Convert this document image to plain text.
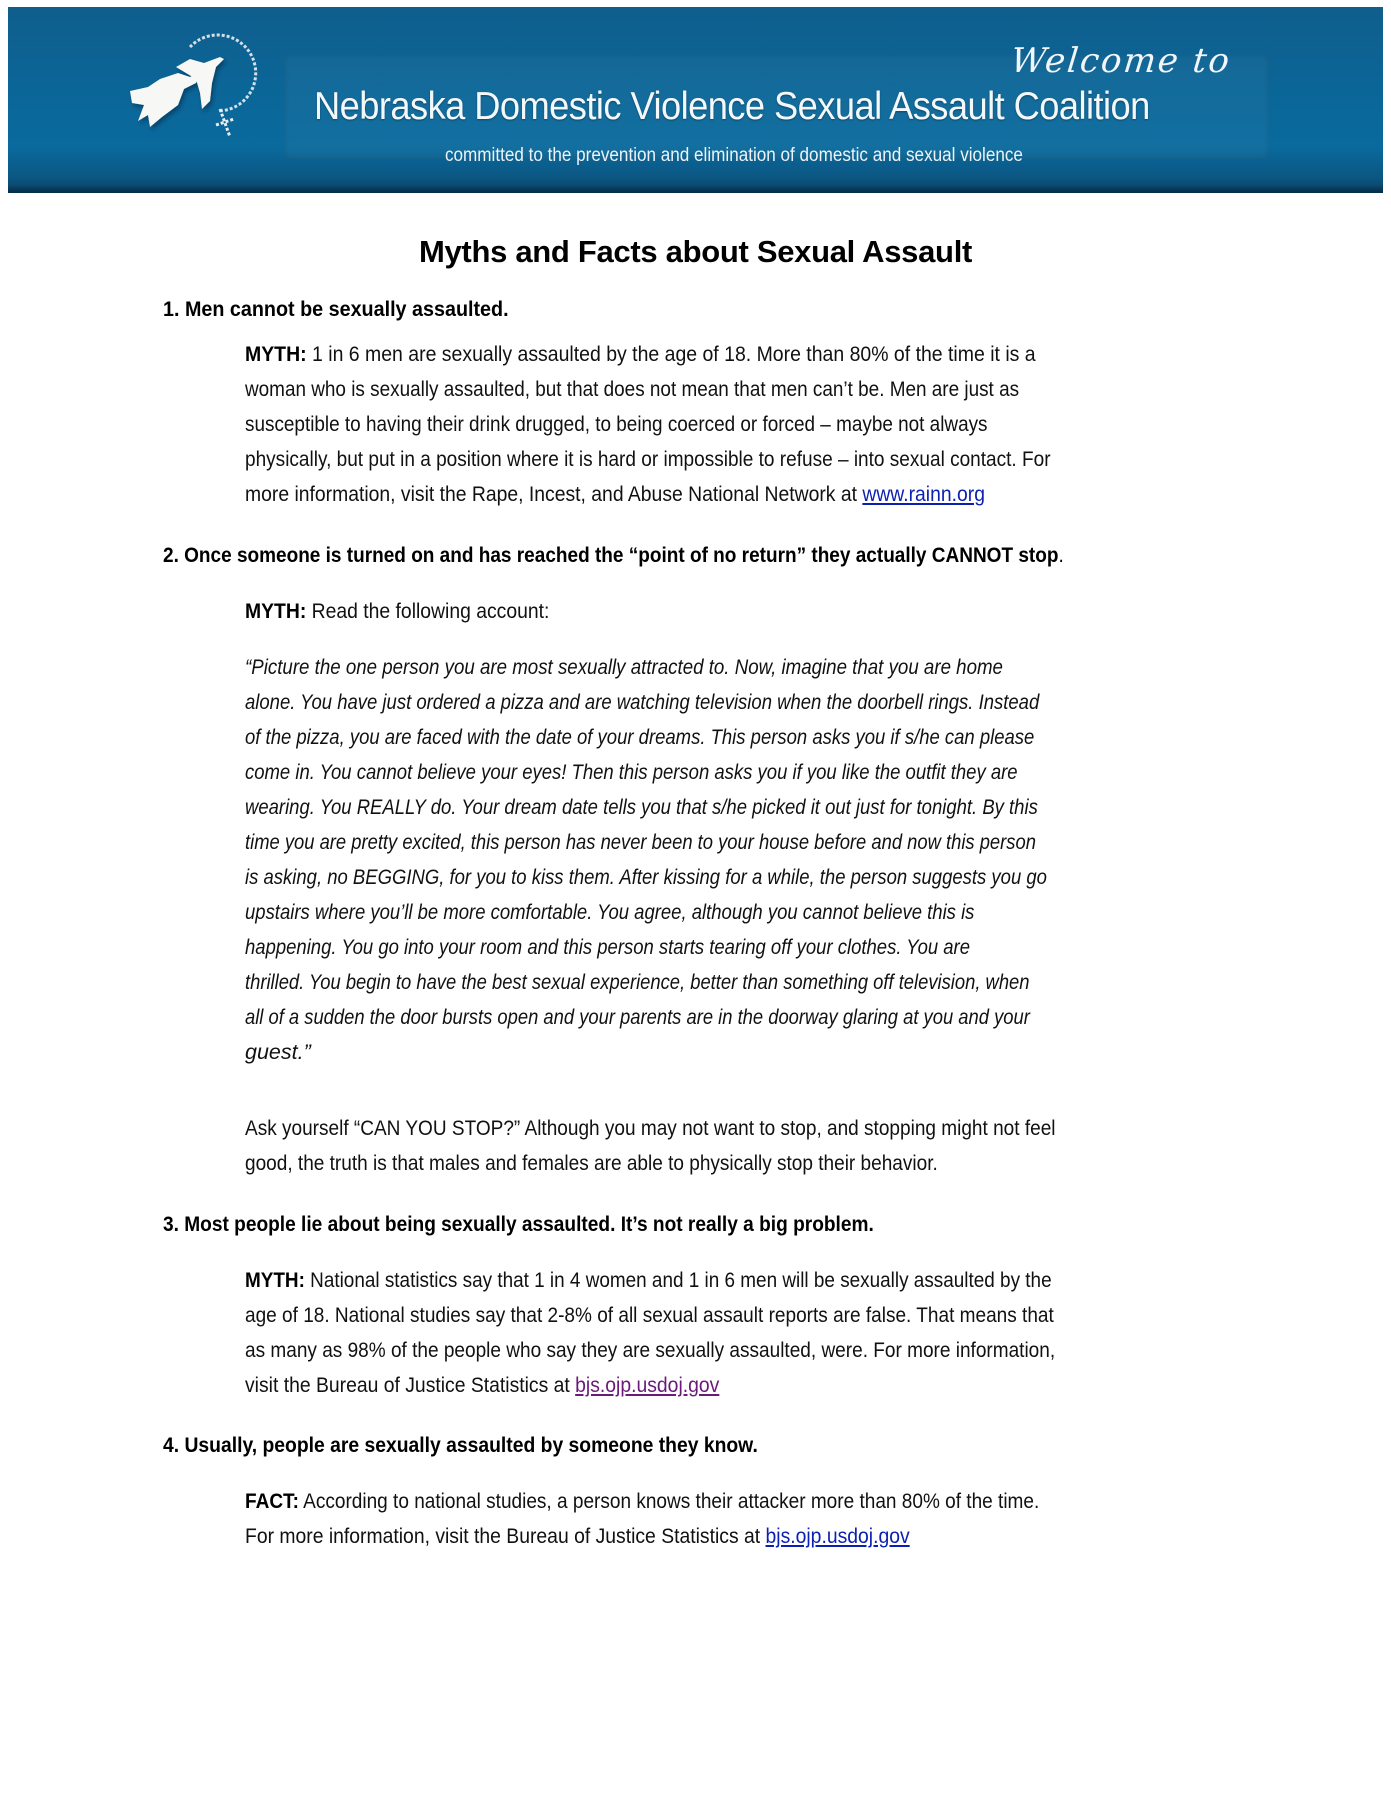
Welcome to
Nebraska Domestic Violence Sexual Assault Coalition
committed to the prevention and elimination of domestic and sexual violence
Myths and Facts about Sexual Assault
1. Men cannot be sexually assaulted.
MYTH: 1 in 6 men are sexually assaulted by the age of 18. More than 80% of the time it is a
woman who is sexually assaulted, but that does not mean that men can’t be. Men are just as
susceptible to having their drink drugged, to being coerced or forced – maybe not always
physically, but put in a position where it is hard or impossible to refuse – into sexual contact. For
more information, visit the Rape, Incest, and Abuse National Network at www.rainn.org
2. Once someone is turned on and has reached the “point of no return” they actually CANNOT stop.
MYTH: Read the following account:
“Picture the one person you are most sexually attracted to. Now, imagine that you are home
alone. You have just ordered a pizza and are watching television when the doorbell rings. Instead
of the pizza, you are faced with the date of your dreams. This person asks you if s/he can please
come in. You cannot believe your eyes! Then this person asks you if you like the outfit they are
wearing. You REALLY do. Your dream date tells you that s/he picked it out just for tonight. By this
time you are pretty excited, this person has never been to your house before and now this person
is asking, no BEGGING, for you to kiss them. After kissing for a while, the person suggests you go
upstairs where you’ll be more comfortable. You agree, although you cannot believe this is
happening. You go into your room and this person starts tearing off your clothes. You are
thrilled. You begin to have the best sexual experience, better than something off television, when
all of a sudden the door bursts open and your parents are in the doorway glaring at you and your
guest.”
Ask yourself “CAN YOU STOP?” Although you may not want to stop, and stopping might not feel
good, the truth is that males and females are able to physically stop their behavior.
3. Most people lie about being sexually assaulted. It’s not really a big problem.
MYTH: National statistics say that 1 in 4 women and 1 in 6 men will be sexually assaulted by the
age of 18. National studies say that 2-8% of all sexual assault reports are false. That means that
as many as 98% of the people who say they are sexually assaulted, were. For more information,
visit the Bureau of Justice Statistics at bjs.ojp.usdoj.gov
4. Usually, people are sexually assaulted by someone they know.
FACT: According to national studies, a person knows their attacker more than 80% of the time.
For more information, visit the Bureau of Justice Statistics at bjs.ojp.usdoj.gov
